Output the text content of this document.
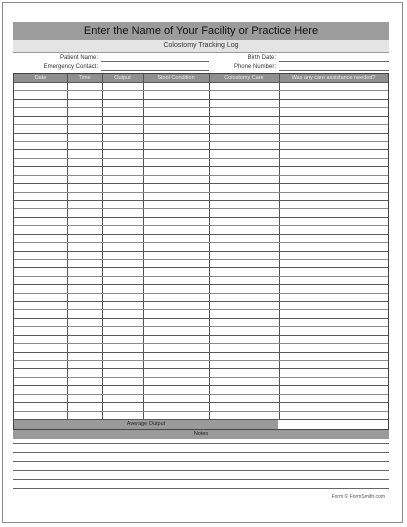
Enter the Name of Your Facility or Practice Here
Colostomy Tracking Log
Patient Name:	Birth Date:
Emergency Contact:	Phone Number:
Date	Time	Output	Stool Condition	Colostomy Care	Was any care assistance needed?
Average Output
Notes
Form © FormSmith.com
